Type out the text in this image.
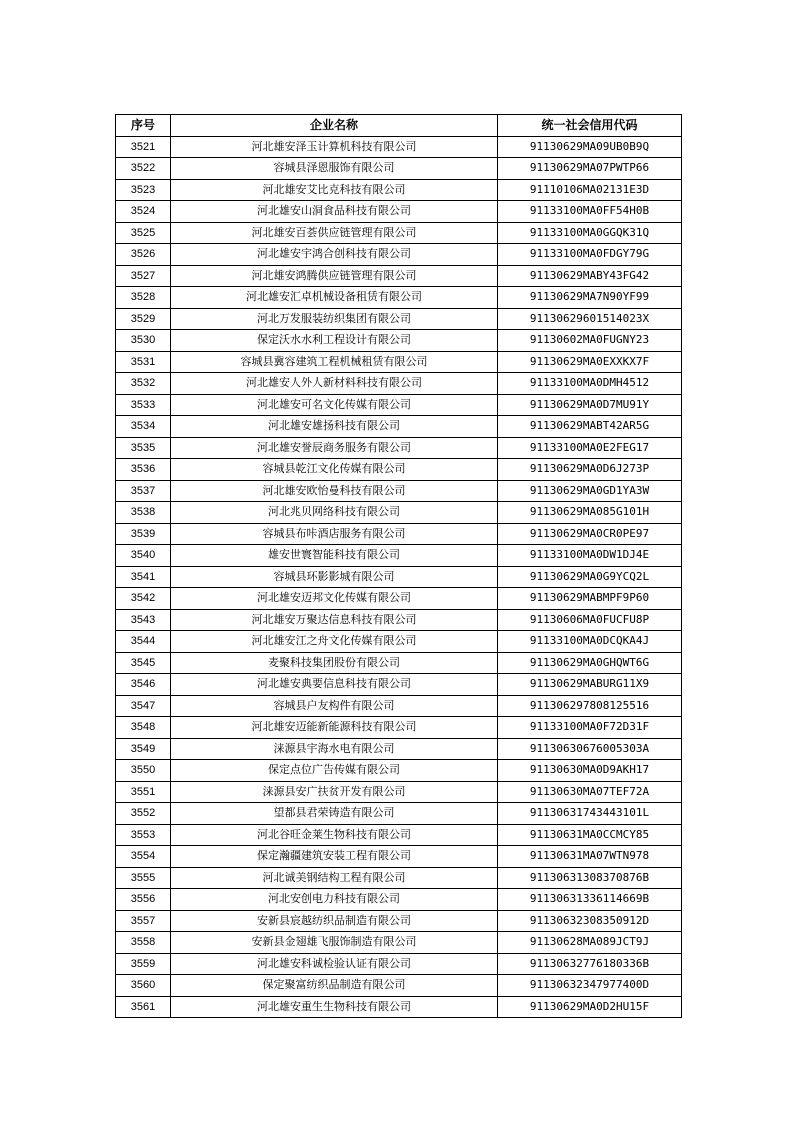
序号	企业名称	统一社会信用代码
3521	河北雄安泽玉计算机科技有限公司	91130629MA09UB0B9Q
3522	容城县泽恩服饰有限公司	91130629MA07PWTP66
3523	河北雄安艾比克科技有限公司	91110106MA02131E3D
3524	河北雄安山洞食品科技有限公司	91133100MA0FF54H0B
3525	河北雄安百荟供应链管理有限公司	91133100MA0GGQK31Q
3526	河北雄安宇鸿合创科技有限公司	91133100MA0FDGY79G
3527	河北雄安鸿腾供应链管理有限公司	91130629MABY43FG42
3528	河北雄安汇卓机械设备租赁有限公司	91130629MA7N90YF99
3529	河北万发服装纺织集团有限公司	91130629601514023X
3530	保定沃水水利工程设计有限公司	91130602MA0FUGNY23
3531	容城县冀容建筑工程机械租赁有限公司	91130629MA0EXXKX7F
3532	河北雄安人外人新材料科技有限公司	91133100MA0DMH4512
3533	河北雄安可名文化传媒有限公司	91130629MA0D7MU91Y
3534	河北雄安雄扬科技有限公司	91130629MABT42AR5G
3535	河北雄安誉辰商务服务有限公司	91133100MA0E2FEG17
3536	容城县乾江文化传媒有限公司	91130629MA0D6J273P
3537	河北雄安欧怡曼科技有限公司	91130629MA0GD1YA3W
3538	河北兆贝网络科技有限公司	91130629MA085G101H
3539	容城县布咔酒店服务有限公司	91130629MA0CR0PE97
3540	雄安世寰智能科技有限公司	91133100MA0DW1DJ4E
3541	容城县环影影城有限公司	91130629MA0G9YCQ2L
3542	河北雄安迈邦文化传媒有限公司	91130629MABMPF9P60
3543	河北雄安万聚达信息科技有限公司	91130606MA0FUCFU8P
3544	河北雄安江之舟文化传媒有限公司	91133100MA0DCQKA4J
3545	麦聚科技集团股份有限公司	91130629MA0GHQWT6G
3546	河北雄安典要信息科技有限公司	91130629MABURG11X9
3547	容城县户友构件有限公司	911306297808125516
3548	河北雄安迈能新能源科技有限公司	91133100MA0F72D31F
3549	涞源县宇海水电有限公司	91130630676005303A
3550	保定点位广告传媒有限公司	91130630MA0D9AKH17
3551	涞源县安广扶贫开发有限公司	91130630MA07TEF72A
3552	望都县君荣铸造有限公司	91130631743443101L
3553	河北谷旺金莱生物科技有限公司	91130631MA0CCMCY85
3554	保定瀚疆建筑安装工程有限公司	91130631MA07WTN978
3555	河北诚美钢结构工程有限公司	91130631308370876B
3556	河北安创电力科技有限公司	91130631336114669B
3557	安新县宸越纺织品制造有限公司	91130632308350912D
3558	安新县金翅雄飞服饰制造有限公司	91130628MA089JCT9J
3559	河北雄安科诚检验认证有限公司	91130632776180336B
3560	保定聚富纺织品制造有限公司	91130632347977400D
3561	河北雄安重生生物科技有限公司	91130629MA0D2HU15F
